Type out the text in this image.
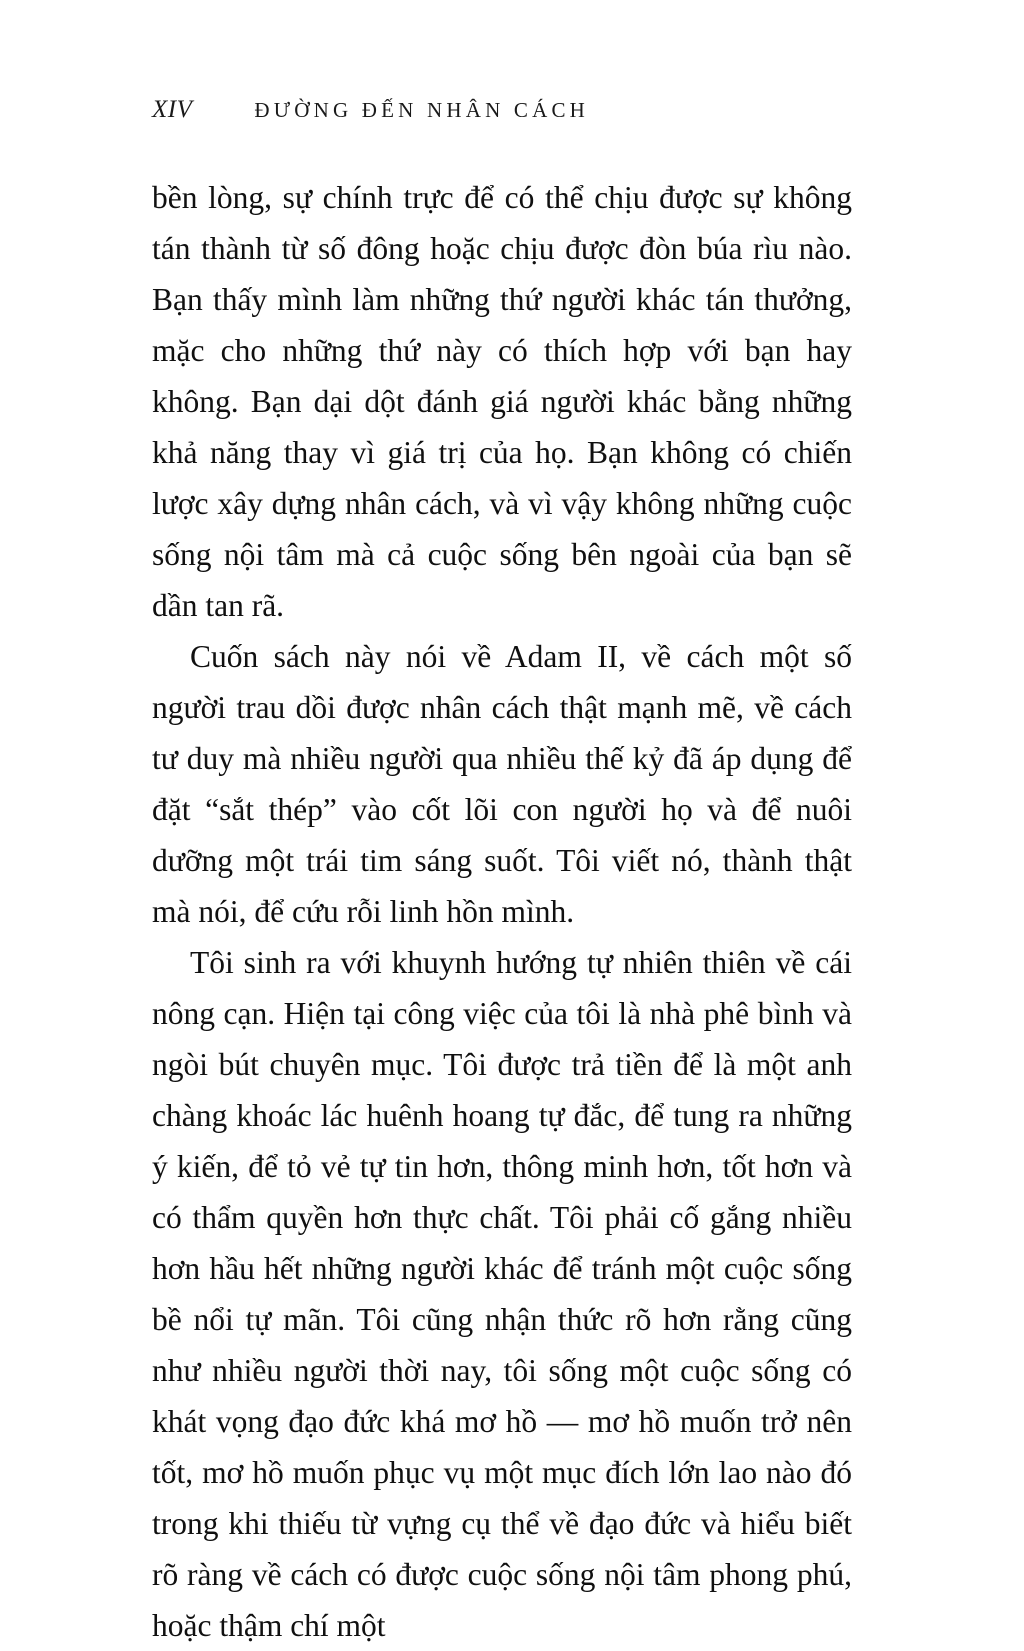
XIV	ĐƯỜNG ĐẾN NHÂN CÁCH

bền lòng, sự chính trực để có thể chịu được sự không tán thành từ số đông hoặc chịu được đòn búa rìu nào. Bạn thấy mình làm những thứ người khác tán thưởng, mặc cho những thứ này có thích hợp với bạn hay không. Bạn dại dột đánh giá người khác bằng những khả năng thay vì giá trị của họ. Bạn không có chiến lược xây dựng nhân cách, và vì vậy không những cuộc sống nội tâm mà cả cuộc sống bên ngoài của bạn sẽ dần tan rã.

Cuốn sách này nói về Adam II, về cách một số người trau dồi được nhân cách thật mạnh mẽ, về cách tư duy mà nhiều người qua nhiều thế kỷ đã áp dụng để đặt “sắt thép” vào cốt lõi con người họ và để nuôi dưỡng một trái tim sáng suốt. Tôi viết nó, thành thật mà nói, để cứu rỗi linh hồn mình.

Tôi sinh ra với khuynh hướng tự nhiên thiên về cái nông cạn. Hiện tại công việc của tôi là nhà phê bình và ngòi bút chuyên mục. Tôi được trả tiền để là một anh chàng khoác lác huênh hoang tự đắc, để tung ra những ý kiến, để tỏ vẻ tự tin hơn, thông minh hơn, tốt hơn và có thẩm quyền hơn thực chất. Tôi phải cố gắng nhiều hơn hầu hết những người khác để tránh một cuộc sống bề nổi tự mãn. Tôi cũng nhận thức rõ hơn rằng cũng như nhiều người thời nay, tôi sống một cuộc sống có khát vọng đạo đức khá mơ hồ — mơ hồ muốn trở nên tốt, mơ hồ muốn phục vụ một mục đích lớn lao nào đó trong khi thiếu từ vựng cụ thể về đạo đức và hiểu biết rõ ràng về cách có được cuộc sống nội tâm phong phú, hoặc thậm chí một
